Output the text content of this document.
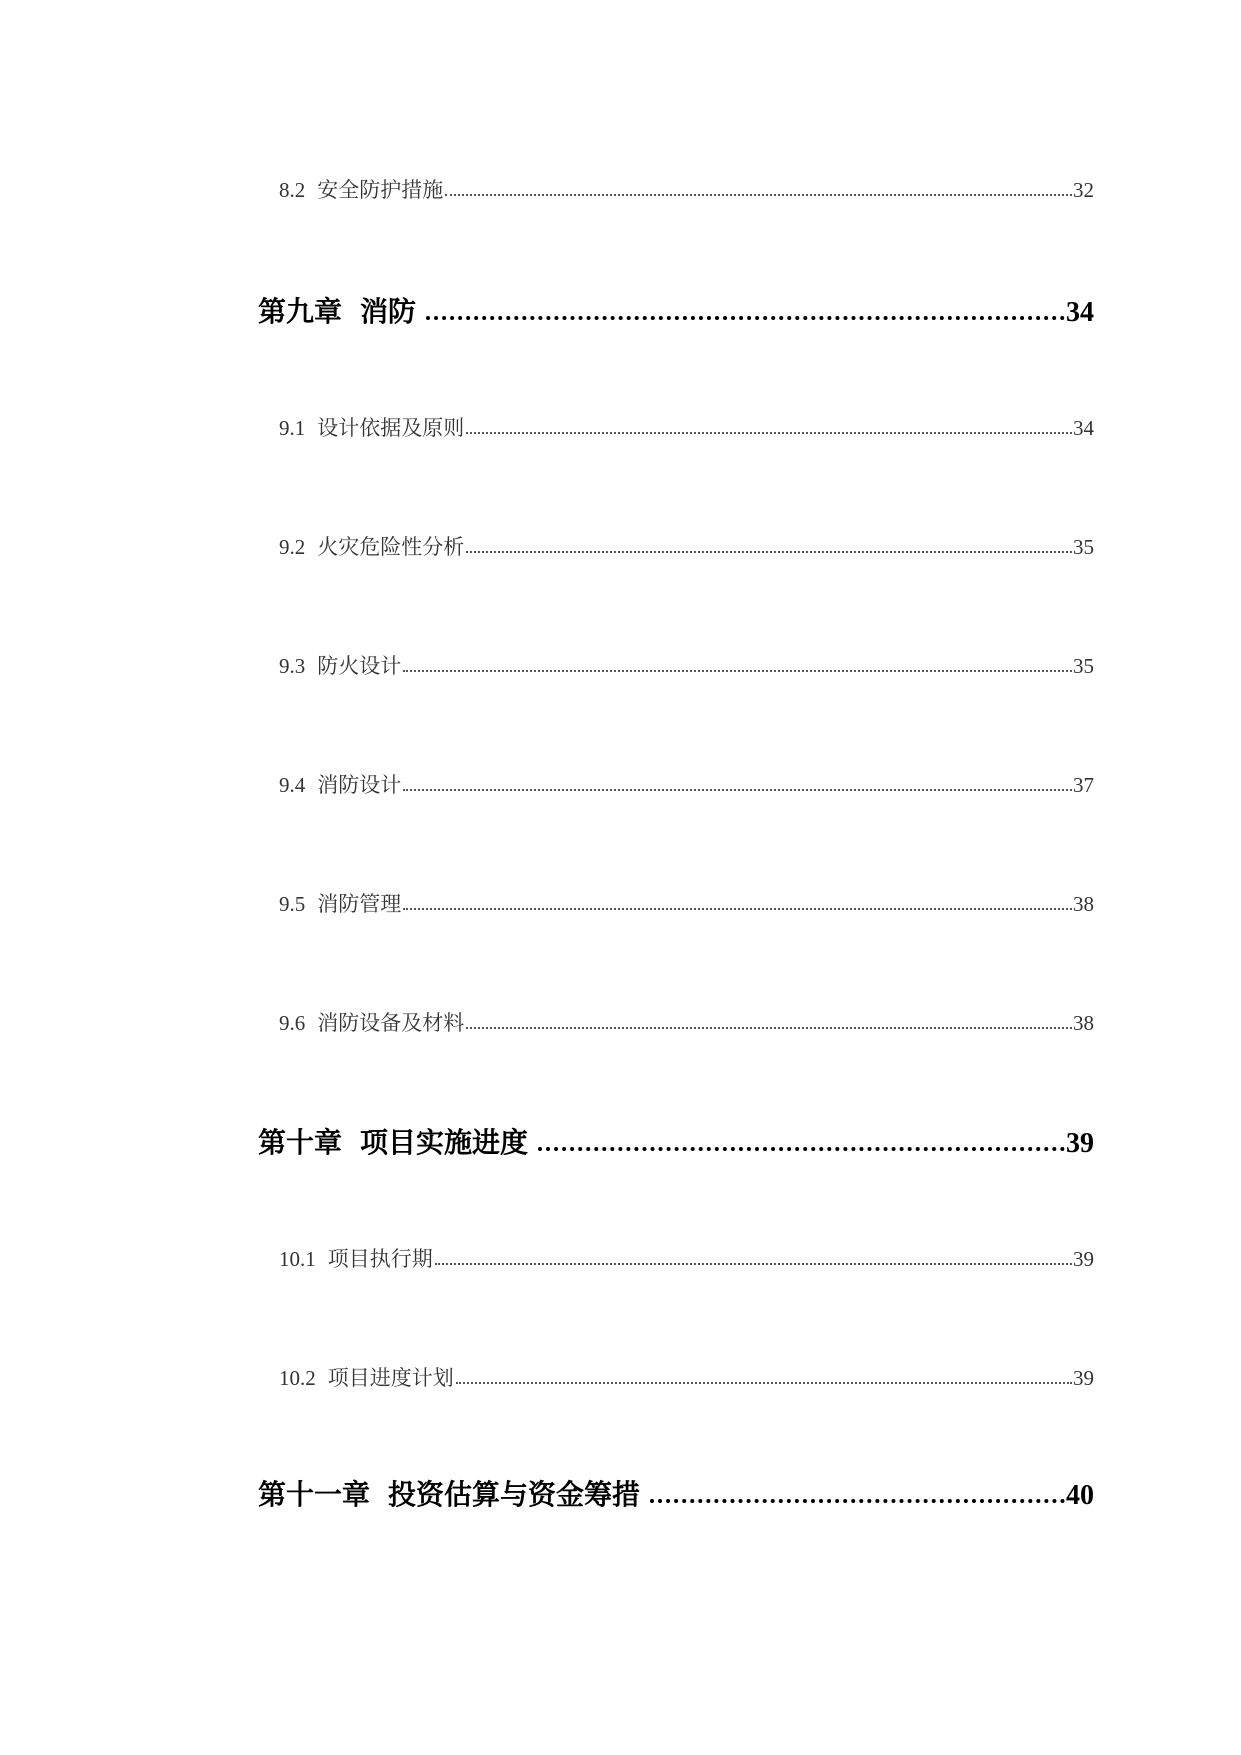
8.2 安全防护措施	32
第九章 消防	34
9.1 设计依据及原则	34
9.2 火灾危险性分析	35
9.3 防火设计	35
9.4 消防设计	37
9.5 消防管理	38
9.6 消防设备及材料	38
第十章 项目实施进度	39
10.1 项目执行期	39
10.2 项目进度计划	39
第十一章 投资估算与资金筹措	40
